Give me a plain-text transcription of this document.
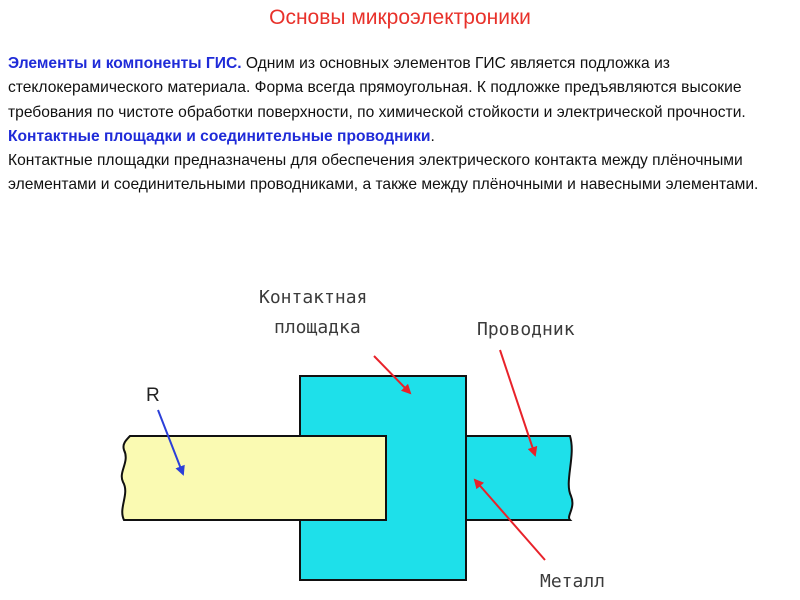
Основы микроэлектроники

Элементы и компоненты ГИС. Одним из основных элементов ГИС является подложка из стеклокерамического материала. Форма всегда прямоугольная. К подложке предъявляются высокие требования по чистоте обработки поверхности, по химической стойкости и электрической прочности.

Контактные площадки и соединительные проводники.

Контактные площадки предназначены для обеспечения электрического контакта между плёночными элементами и соединительными проводниками, а также между плёночными и навесными элементами.

Контактная
площадка	Проводник
R
Металл
